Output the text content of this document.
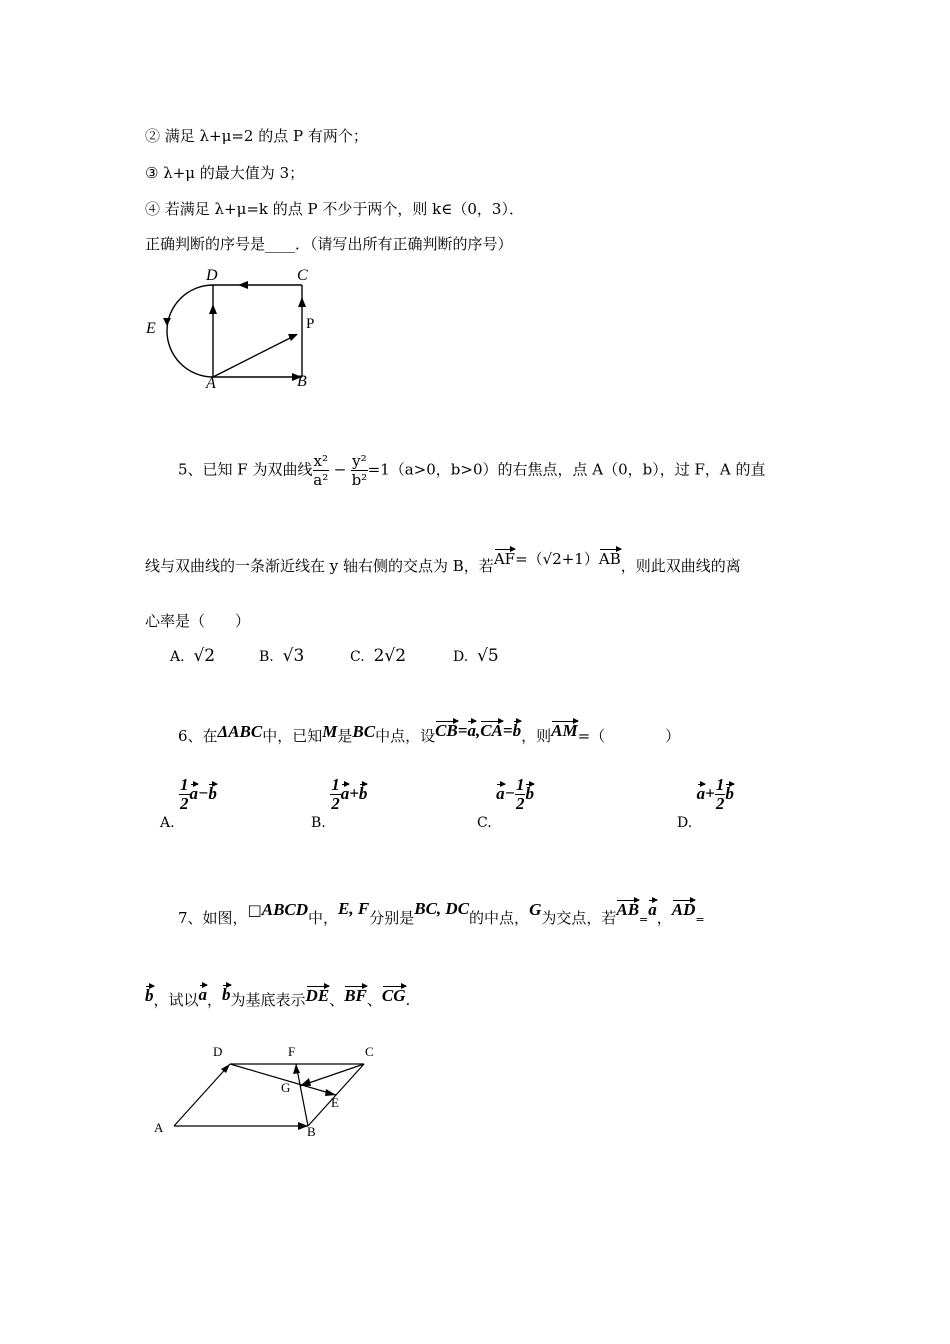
② 满足 λ+μ=2 的点 P 有两个；
③ λ+μ 的最大值为 3；
④ 若满足 λ+μ=k 的点 P 不少于两个，则 k∈（0，3）．
正确判断的序号是____．（请写出所有正确判断的序号）
D	C
E	P
A	B
5、已知 F 为双曲线 $\frac{\text{x²}}{\text{a²}} - \frac{\text{y²}}{\text{b²}} =1(a>0$，b>0）的右焦点，点 A（0，b），过 F，A 的直
线与双曲线的一条渐近线在 y 轴右侧的交点为 B，若AF=（√2+1）AB，则此双曲线的离
心率是（　　）
A. √2	B. √3	C. 2√2	D. √5
6、在ΔABC中，已知M是BC中点，设CB=a,CA=b，则AM=（　　　　）
A.
$\frac{1}{2} a-b$
B.
$\frac{1}{2} a+b$
C. $a- \frac{1}{2}$ b
D. $a+ \frac{1}{2}$ b
7、如图，□ABCD中，E, F分别是BC, DC的中点，G为交点，若AB=a，AD=
b，试以a，b为基底表示DE、BF、CG.
D	F	C
G
E
A	B
